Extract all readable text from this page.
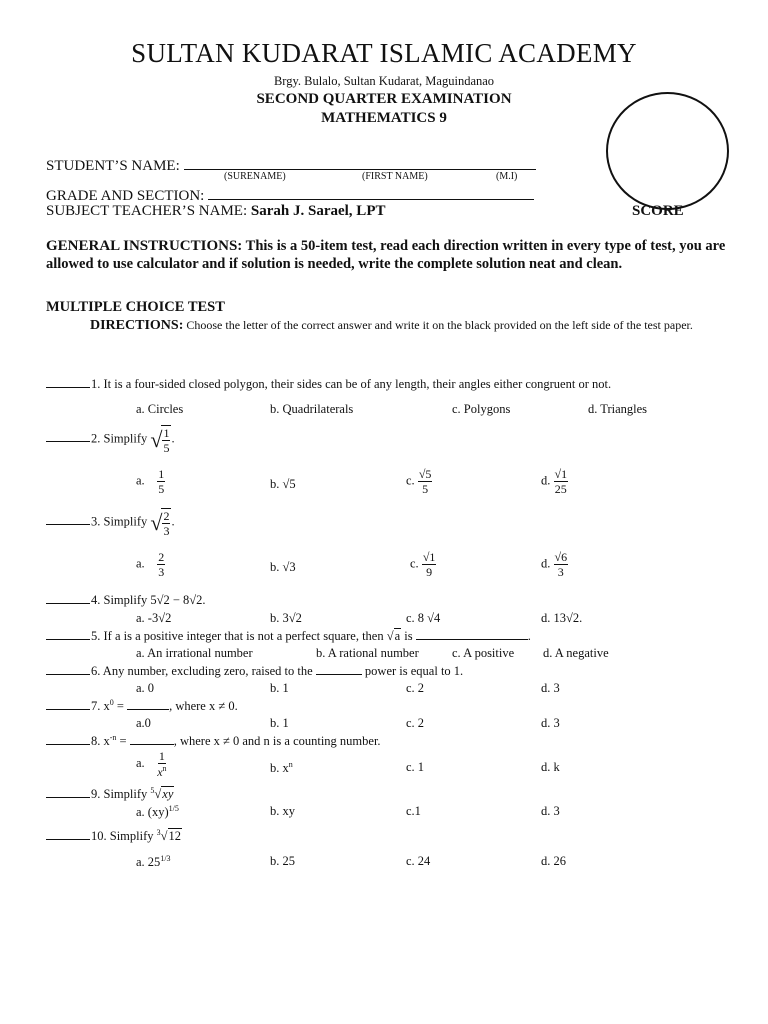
SULTAN KUDARAT ISLAMIC ACADEMY
Brgy. Bulalo, Sultan Kudarat, Maguindanao
SECOND QUARTER EXAMINATION
MATHEMATICS 9
STUDENT’S NAME:
(SURENAME)	(FIRST NAME)	(M.I)
GRADE AND SECTION:
SUBJECT TEACHER’S NAME: Sarah J. Sarael, LPT	SCORE
GENERAL INSTRUCTIONS: This is a 50-item test, read each direction written in every type of test, you are allowed to use calculator and if solution is needed, write the complete solution neat and clean.
MULTIPLE CHOICE TEST
DIRECTIONS: Choose the letter of the correct answer and write it on the black provided on the left side of the test paper.
1. It is a four-sided closed polygon, their sides can be of any length, their angles either congruent or not.
a. Circles	b. Quadrilaterals	c. Polygons	d. Triangles
2. Simplify √ $\frac{1}{5}$ .
a. $\frac{1}{5}$	b. √5	c. $\frac{√5}{5}$	d. $\frac{√1}{25}$
3. Simplify √ $\frac{2}{3}$ .
a. $\frac{2}{3}$	b. √3	c. $\frac{√1}{9}$	d. $\frac{√6}{3}$
4. Simplify 5√2 − 8√2.
a. -3√2	b. 3√2	c. 8 √4	d. 13√2.
5. If a is a positive integer that is not a perfect square, then √a is	.
a. An irrational number	b. A rational number	c. A positive d. A negative
6. Any number, excluding zero, raised to the	power is equal to 1.
a. 0	b. 1	c. 2	d. 3
7. $x^0$ =	, where x ≠ 0.
a.0	b. 1	c. 2	d. 3
8. $x^{-n}$ =	, where x ≠ 0 and n is a counting number.
a. $\frac{1}{x^n}$	b. $x^n$	c. 1	d. k
9. Simplify $^5$√xy
a. (xy)$^{1/5}$	b. xy	c.1	d. 3
10. Simplify $^3$√12
a. $25^{1/3}$	b. 25	c. 24	d. 26
